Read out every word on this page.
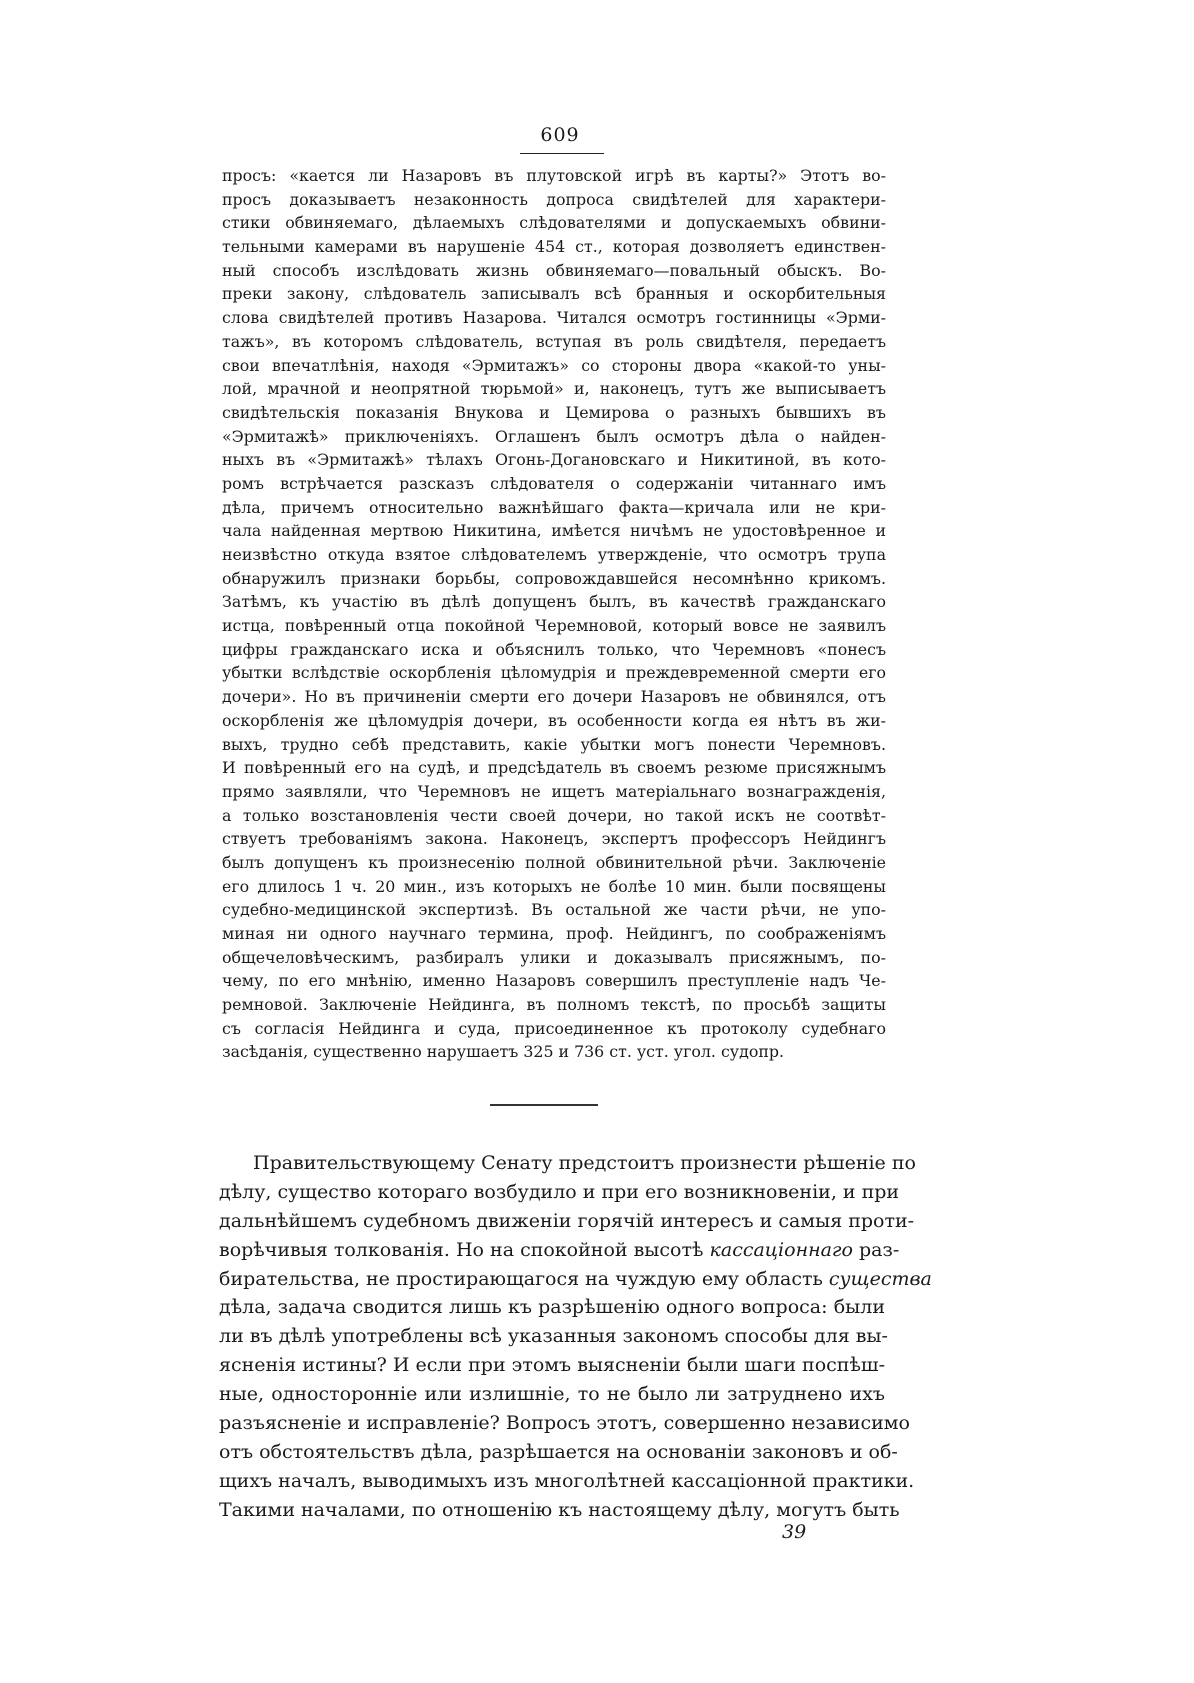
609
просъ: «кается ли Назаровъ въ плутовской игрѣ въ карты?» Этотъ во-
просъ доказываетъ незаконность допроса свидѣтелей для характери-
стики обвиняемаго, дѣлаемыхъ слѣдователями и допускаемыхъ обвини-
тельными камерами въ нарушеніе 454 ст., которая дозволяетъ единствен-
ный способъ изслѣдовать жизнь обвиняемаго—повальный обыскъ. Во-
преки закону, слѣдователь записывалъ всѣ бранныя и оскорбительныя
слова свидѣтелей противъ Назарова. Читался осмотръ гостинницы «Эрми-
тажъ», въ которомъ слѣдователь, вступая въ роль свидѣтеля, передаетъ
свои впечатлѣнія, находя «Эрмитажъ» со стороны двора «какой-то уны-
лой, мрачной и неопрятной тюрьмой» и, наконецъ, тутъ же выписываетъ
свидѣтельскія показанія Внукова и Цемирова о разныхъ бывшихъ въ
«Эрмитажѣ» приключеніяхъ. Оглашенъ былъ осмотръ дѣла о найден-
ныхъ въ «Эрмитажѣ» тѣлахъ Огонь-Догановскаго и Никитиной, въ кото-
ромъ встрѣчается разсказъ слѣдователя о содержаніи читаннаго имъ
дѣла, причемъ относительно важнѣйшаго факта—кричала или не кри-
чала найденная мертвою Никитина, имѣется ничѣмъ не удостовѣренное и
неизвѣстно откуда взятое слѣдователемъ утвержденіе, что осмотръ трупа
обнаружилъ признаки борьбы, сопровождавшейся несомнѣнно крикомъ.
Затѣмъ, къ участію въ дѣлѣ допущенъ былъ, въ качествѣ гражданскаго
истца, повѣренный отца покойной Черемновой, который вовсе не заявилъ
цифры гражданскаго иска и объяснилъ только, что Черемновъ «понесъ
убытки вслѣдствіе оскорбленія цѣломудрія и преждевременной смерти его
дочери». Но въ причиненіи смерти его дочери Назаровъ не обвинялся, отъ
оскорбленія же цѣломудрія дочери, въ особенности когда ея нѣтъ въ жи-
выхъ, трудно себѣ представить, какіе убытки могъ понести Черемновъ.
И повѣренный его на судѣ, и предсѣдатель въ своемъ резюме присяжнымъ
прямо заявляли, что Черемновъ не ищетъ матеріальнаго вознагражденія,
а только возстановленія чести своей дочери, но такой искъ не соотвѣт-
ствуетъ требованіямъ закона. Наконецъ, экспертъ профессоръ Нейдингъ
былъ допущенъ къ произнесенію полной обвинительной рѣчи. Заключеніе
его длилось 1 ч. 20 мин., изъ которыхъ не болѣе 10 мин. были посвящены
судебно-медицинской экспертизѣ. Въ остальной же части рѣчи, не упо-
миная ни одного научнаго термина, проф. Нейдингъ, по соображеніямъ
общечеловѣческимъ, разбиралъ улики и доказывалъ присяжнымъ, по-
чему, по его мнѣнію, именно Назаровъ совершилъ преступленіе надъ Че-
ремновой. Заключеніе Нейдинга, въ полномъ текстѣ, по просьбѣ защиты
съ согласія Нейдинга и суда, присоединенное къ протоколу судебнаго
засѣданія, существенно нарушаетъ 325 и 736 ст. уст. угол. судопр.
Правительствующему Сенату предстоитъ произнести рѣшеніе по
дѣлу, существо котораго возбудило и при его возникновеніи, и при
дальнѣйшемъ судебномъ движеніи горячій интересъ и самыя проти-
ворѣчивыя толкованія. Но на спокойной высотѣ кассаціоннаго раз-
бирательства, не простирающагося на чуждую ему область существа
дѣла, задача сводится лишь къ разрѣшенію одного вопроса: были
ли въ дѣлѣ употреблены всѣ указанныя закономъ способы для вы-
ясненія истины? И если при этомъ выясненіи были шаги поспѣш-
ные, односторонніе или излишніе, то не было ли затруднено ихъ
разъясненіе и исправленіе? Вопросъ этотъ, совершенно независимо
отъ обстоятельствъ дѣла, разрѣшается на основаніи законовъ и об-
щихъ началъ, выводимыхъ изъ многолѣтней кассаціонной практики.
Такими началами, по отношенію къ настоящему дѣлу, могутъ быть
39
